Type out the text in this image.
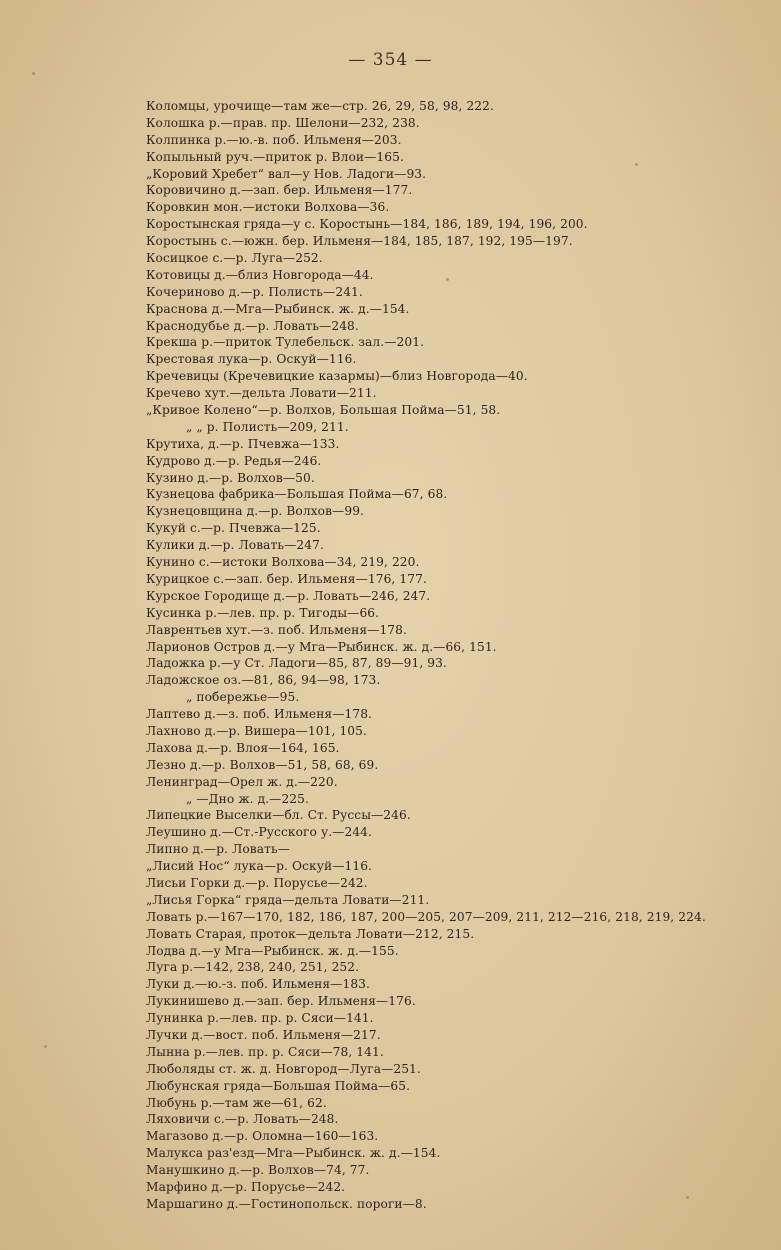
— 354 —
Коломцы, урочище—там же—стр. 26, 29, 58, 98, 222.
Колошка р.—прав. пр. Шелони—232, 238.
Колпинка р.—ю.-в. поб. Ильменя—203.
Копыльный руч.—приток р. Влои—165.
„Коровий Хребет“ вал—у Нов. Ладоги—93.
Коровичино д.—зап. бер. Ильменя—177.
Коровкин мон.—истоки Волхова—36.
Коростынская гряда—у с. Коростынь—184, 186, 189, 194, 196, 200.
Коростынь с.—южн. бер. Ильменя—184, 185, 187, 192, 195—197.
Косицкое с.—р. Луга—252.
Котовицы д.—близ Новгорода—44.
Кочериново д.—р. Полисть—241.
Краснова д.—Мга—Рыбинск. ж. д.—154.
Краснодубье д.—р. Ловать—248.
Крекша р.—приток Тулебельск. зал.—201.
Крестовая лука—р. Оскуй—116.
Кречевицы (Кречевицкие казармы)—близ Новгорода—40.
Кречево хут.—дельта Ловати—211.
„Кривое Колено“—р. Волхов, Большая Пойма—51, 58.
„ „ р. Полисть—209, 211.
Крутиха, д.—р. Пчевжа—133.
Кудрово д.—р. Редья—246.
Кузино д.—р. Волхов—50.
Кузнецова фабрика—Большая Пойма—67, 68.
Кузнецовщина д.—р. Волхов—99.
Кукуй с.—р. Пчевжа—125.
Кулики д.—р. Ловать—247.
Кунино с.—истоки Волхова—34, 219, 220.
Курицкое с.—зап. бер. Ильменя—176, 177.
Курское Городище д.—р. Ловать—246, 247.
Кусинка р.—лев. пр. р. Тигоды—66.
Лаврентьев хут.—з. поб. Ильменя—178.
Ларионов Остров д.—у Мга—Рыбинск. ж. д.—66, 151.
Ладожка р.—у Ст. Ладоги—85, 87, 89—91, 93.
Ладожское оз.—81, 86, 94—98, 173.
„ побережье—95.
Лаптево д.—з. поб. Ильменя—178.
Лахново д.—р. Вишера—101, 105.
Лахова д.—р. Влоя—164, 165.
Лезно д.—р. Волхов—51, 58, 68, 69.
Ленинград—Орел ж. д.—220.
„ —Дно ж. д.—225.
Липецкие Выселки—бл. Ст. Руссы—246.
Леушино д.—Ст.-Русского у.—244.
Липно д.—р. Ловать—
„Лисий Нос“ лука—р. Оскуй—116.
Лисьи Горки д.—р. Порусье—242.
„Лисья Горка“ гряда—дельта Ловати—211.
Ловать р.—167—170, 182, 186, 187, 200—205, 207—209, 211, 212—216, 218, 219, 224.
Ловать Старая, проток—дельта Ловати—212, 215.
Лодва д.—у Мга—Рыбинск. ж. д.—155.
Луга р.—142, 238, 240, 251, 252.
Луки д.—ю.-з. поб. Ильменя—183.
Лукинишево д.—зап. бер. Ильменя—176.
Лунинка р.—лев. пр. р. Сяси—141.
Лучки д.—вост. поб. Ильменя—217.
Лынна р.—лев. пр. р. Сяси—78, 141.
Люболяды ст. ж. д. Новгород—Луга—251.
Любунская гряда—Большая Пойма—65.
Любунь р.—там же—61, 62.
Ляховичи с.—р. Ловать—248.
Магазово д.—р. Оломна—160—163.
Малукса раз'езд—Мга—Рыбинск. ж. д.—154.
Манушкино д.—р. Волхов—74, 77.
Марфино д.—р. Порусье—242.
Маршагино д.—Гостинопольск. пороги—8.
